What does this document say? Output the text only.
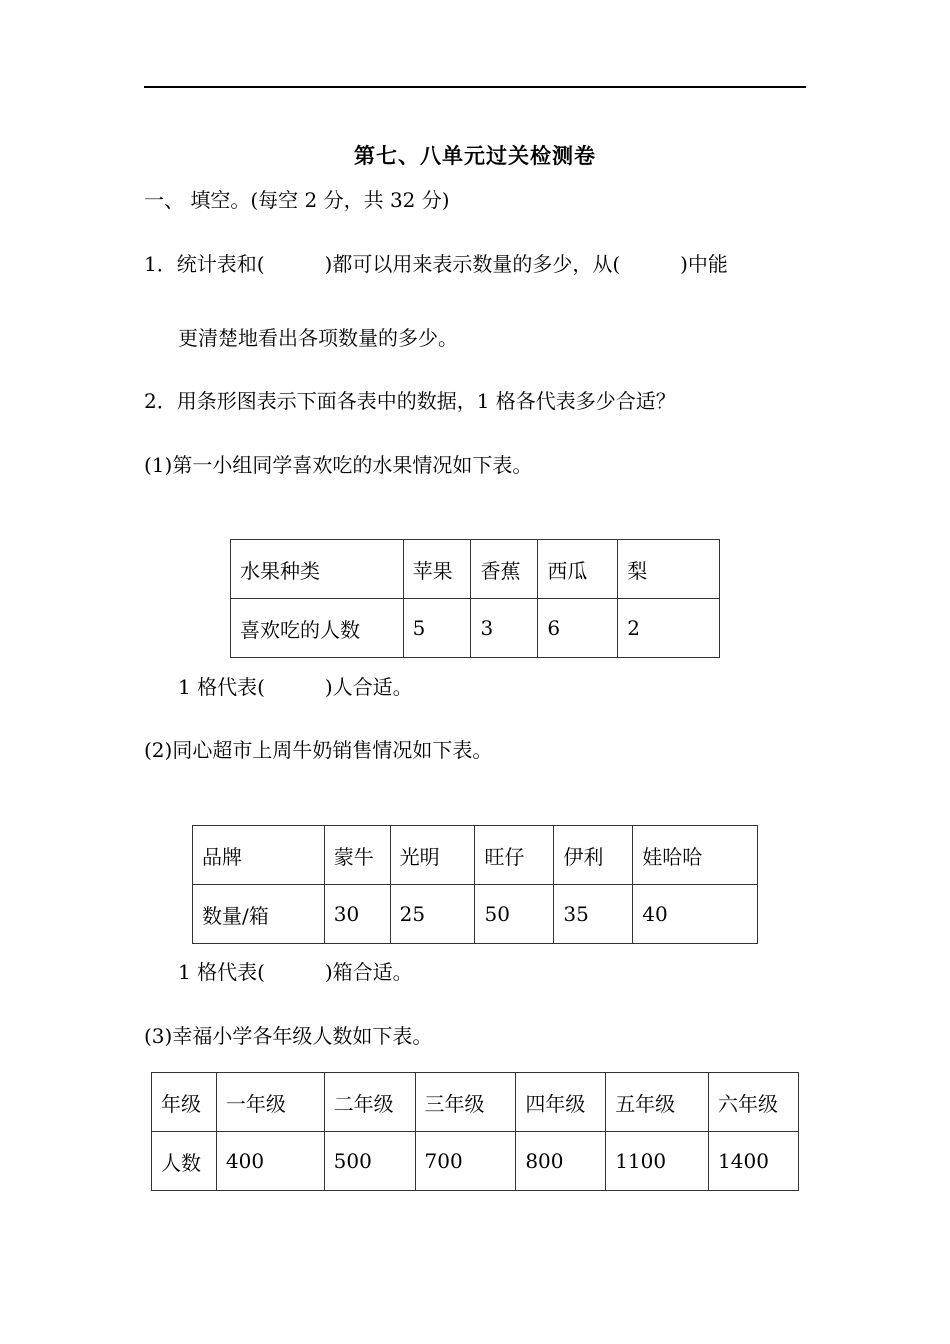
第七、八单元过关检测卷
一、 填空。(每空 2 分，共 32 分)
1．统计表和(　　　)都可以用来表示数量的多少，从(　　　)中能
更清楚地看出各项数量的多少。
2．用条形图表示下面各表中的数据，1 格各代表多少合适？
(1)第一小组同学喜欢吃的水果情况如下表。
水果种类	苹果	香蕉	西瓜	梨
喜欢吃的人数	5	3	6	2
1 格代表(　　　)人合适。
(2)同心超市上周牛奶销售情况如下表。
品牌	蒙牛	光明	旺仔	伊利	娃哈哈
数量/箱	30	25	50	35	40
1 格代表(　　　)箱合适。
(3)幸福小学各年级人数如下表。
年级	一年级	二年级	三年级	四年级	五年级	六年级
人数	400	500	700	800	1100	1400
